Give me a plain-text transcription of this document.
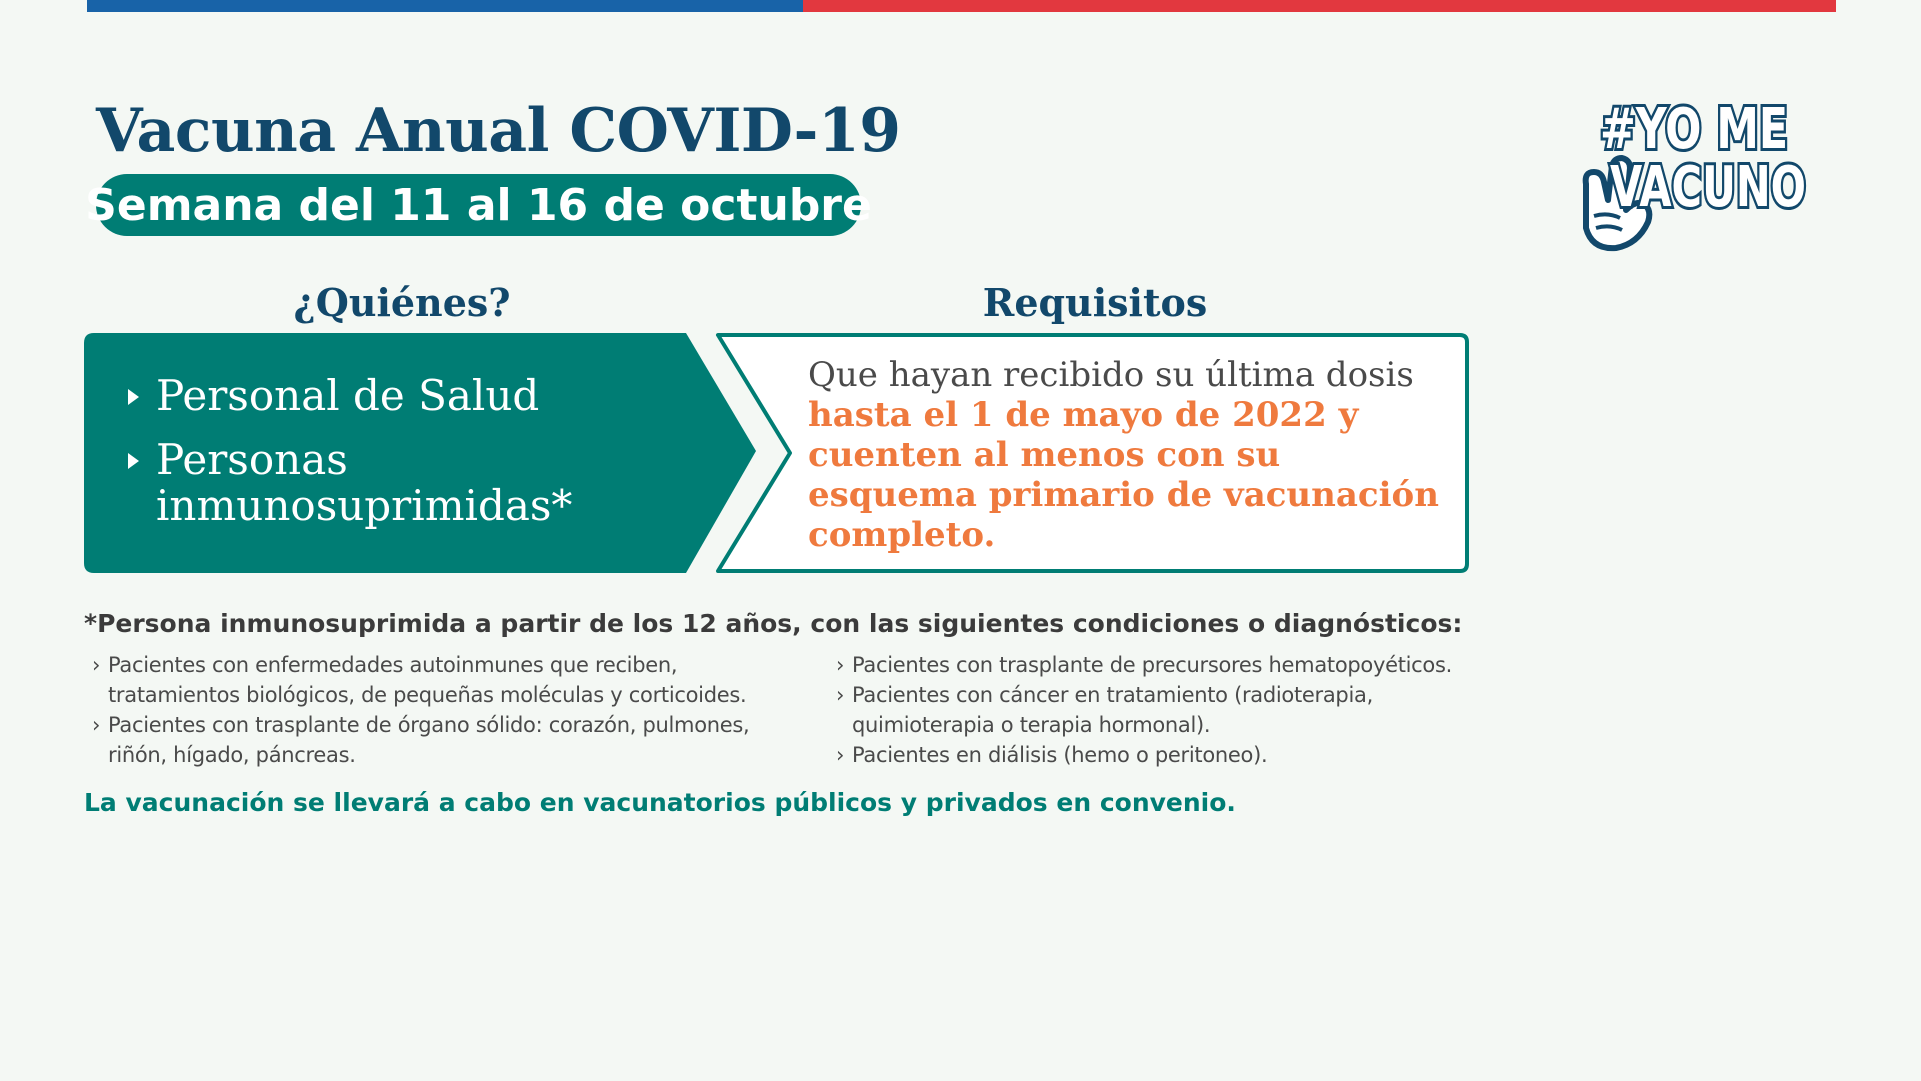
Vacuna Anual COVID-19
Semana del 11 al 16 de octubre
#YO ME
VACUNO
¿Quiénes?	Requisitos
Personal de Salud
Personas inmunosuprimidas*

Que hayan recibido su última dosis hasta el 1 de mayo de 2022 y cuenten al menos con su esquema primario de vacunación completo.

*Persona inmunosuprimida a partir de los 12 años, con las siguientes condiciones o diagnósticos:

› Pacientes con enfermedades autoinmunes que reciben, tratamientos biológicos, de pequeñas moléculas y corticoides.
› Pacientes con trasplante de órgano sólido: corazón, pulmones, riñón, hígado, páncreas.
› Pacientes con trasplante de precursores hematopoyéticos.
› Pacientes con cáncer en tratamiento (radioterapia, quimioterapia o terapia hormonal).
› Pacientes en diálisis (hemo o peritoneo).

La vacunación se llevará a cabo en vacunatorios públicos y privados en convenio.
